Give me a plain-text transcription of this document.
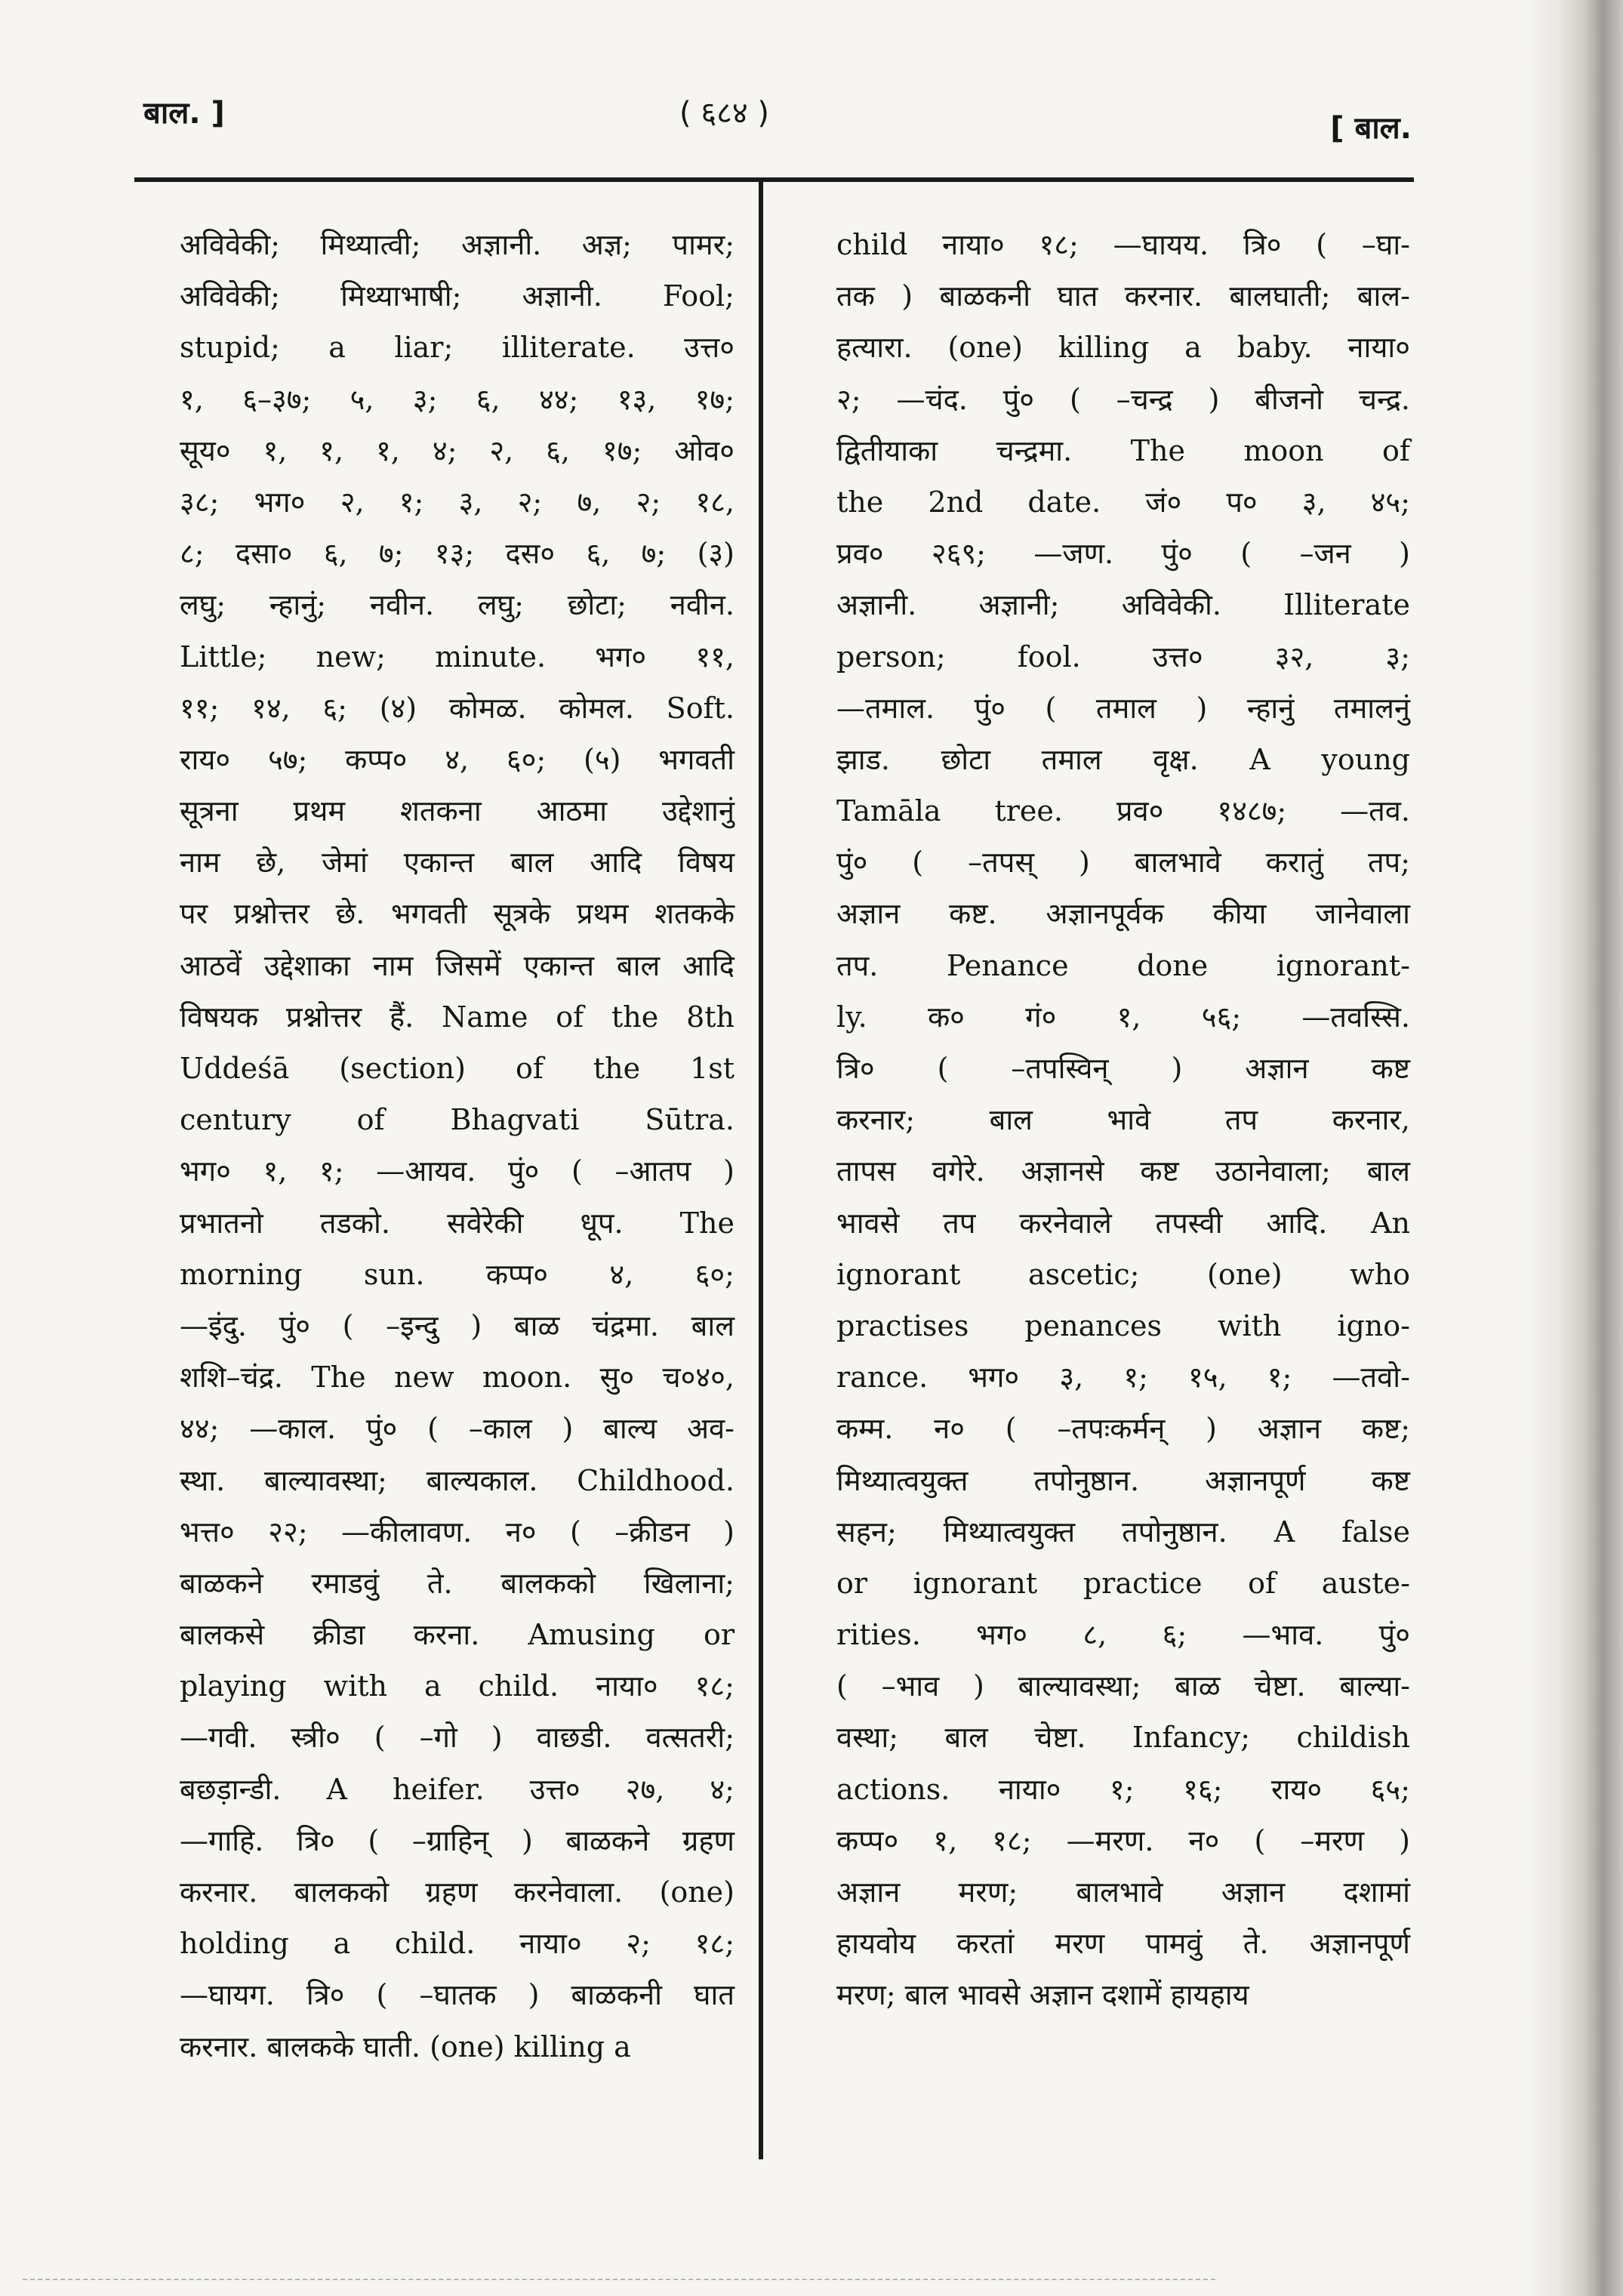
बाल. ]	( ६८४ )	[ बाल.
अविवेकी; मिथ्यात्वी; अज्ञानी. अज्ञ; पामर;
अविवेकी; मिथ्याभाषी; अज्ञानी. Fool;
stupid; a liar; illiterate. उत्त०
१, ६–३७; ५, ३; ६, ४४; १३, १७;
सूय० १, १, १, ४; २, ६, १७; ओव०
३८; भग० २, १; ३, २; ७, २; १८,
८; दसा० ६, ७; १३; दस० ६, ७; (३)
लघु; न्हानुं; नवीन. लघु; छोटा; नवीन.
Little; new; minute. भग० ११,
११; १४, ६; (४) कोमळ. कोमल. Soft.
राय० ५७; कप्प० ४, ६०; (५) भगवती
सूत्रना प्रथम शतकना आठमा उद्देशानुं
नाम छे, जेमां एकान्त बाल आदि विषय
पर प्रश्नोत्तर छे. भगवती सूत्रके प्रथम शतकके
आठवें उद्देशाका नाम जिसमें एकान्त बाल आदि
विषयक प्रश्नोत्तर हैं. Name of the 8th
Uddeśā (section) of the 1st
century of Bhagvati Sūtra.
भग० १, १; —आयव. पुं० ( –आतप )
प्रभातनो तडको. सवेरेकी धूप. The
morning sun. कप्प० ४, ६०;
—इंदु. पुं० ( –इन्दु ) बाळ चंद्रमा. बाल
शशि–चंद्र. The new moon. सु० च०४०,
४४; —काल. पुं० ( –काल ) बाल्य अव-
स्था. बाल्यावस्था; बाल्यकाल. Childhood.
भत्त० २२; —कीलावण. न० ( –क्रीडन )
बाळकने रमाडवुं ते. बालकको खिलाना;
बालकसे क्रीडा करना. Amusing or
playing with a child. नाया० १८;
—गवी. स्त्री० ( –गो ) वाछडी. वत्सतरी;
बछड़ान्डी. A heifer. उत्त० २७, ४;
—गाहि. त्रि० ( –ग्राहिन् ) बाळकने ग्रहण
करनार. बालकको ग्रहण करनेवाला. (one)
holding a child. नाया० २; १८;
—घायग. त्रि० ( –घातक ) बाळकनी घात
करनार. बालकके घाती. (one) killing a
child नाया० १८; —घायय. त्रि० ( –घा-
तक ) बाळकनी घात करनार. बालघाती; बाल-
हत्यारा. (one) killing a baby. नाया०
२; —चंद. पुं० ( –चन्द्र ) बीजनो चन्द्र.
द्वितीयाका चन्द्रमा. The moon of
the 2nd date. जं० प० ३, ४५;
प्रव० २६९; —जण. पुं० ( –जन )
अज्ञानी. अज्ञानी; अविवेकी. Illiterate
person; fool. उत्त० ३२, ३;
—तमाल. पुं० ( तमाल ) न्हानुं तमालनुं
झाड. छोटा तमाल वृक्ष. A young
Tamāla tree. प्रव० १४८७; —तव.
पुं० ( –तपस् ) बालभावे करातुं तप;
अज्ञान कष्ट. अज्ञानपूर्वक कीया जानेवाला
तप. Penance done ignorant-
ly. क० गं० १, ५६; —तवस्सि.
त्रि० ( –तपस्विन् ) अज्ञान कष्ट
करनार; बाल भावे तप करनार,
तापस वगेरे. अज्ञानसे कष्ट उठानेवाला; बाल
भावसे तप करनेवाले तपस्वी आदि. An
ignorant ascetic; (one) who
practises penances with igno-
rance. भग० ३, १; १५, १; —तवो-
कम्म. न० ( –तपःकर्मन् ) अज्ञान कष्ट;
मिथ्यात्वयुक्त तपोनुष्ठान. अज्ञानपूर्ण कष्ट
सहन; मिथ्यात्वयुक्त तपोनुष्ठान. A false
or ignorant practice of auste-
rities. भग० ८, ६; —भाव. पुं०
( –भाव ) बाल्यावस्था; बाळ चेष्टा. बाल्या-
वस्था; बाल चेष्टा. Infancy; childish
actions. नाया० १; १६; राय० ६५;
कप्प० १, १८; —मरण. न० ( –मरण )
अज्ञान मरण; बालभावे अज्ञान दशामां
हायवोय करतां मरण पामवुं ते. अज्ञानपूर्ण
मरण; बाल भावसे अज्ञान दशामें हायहाय
